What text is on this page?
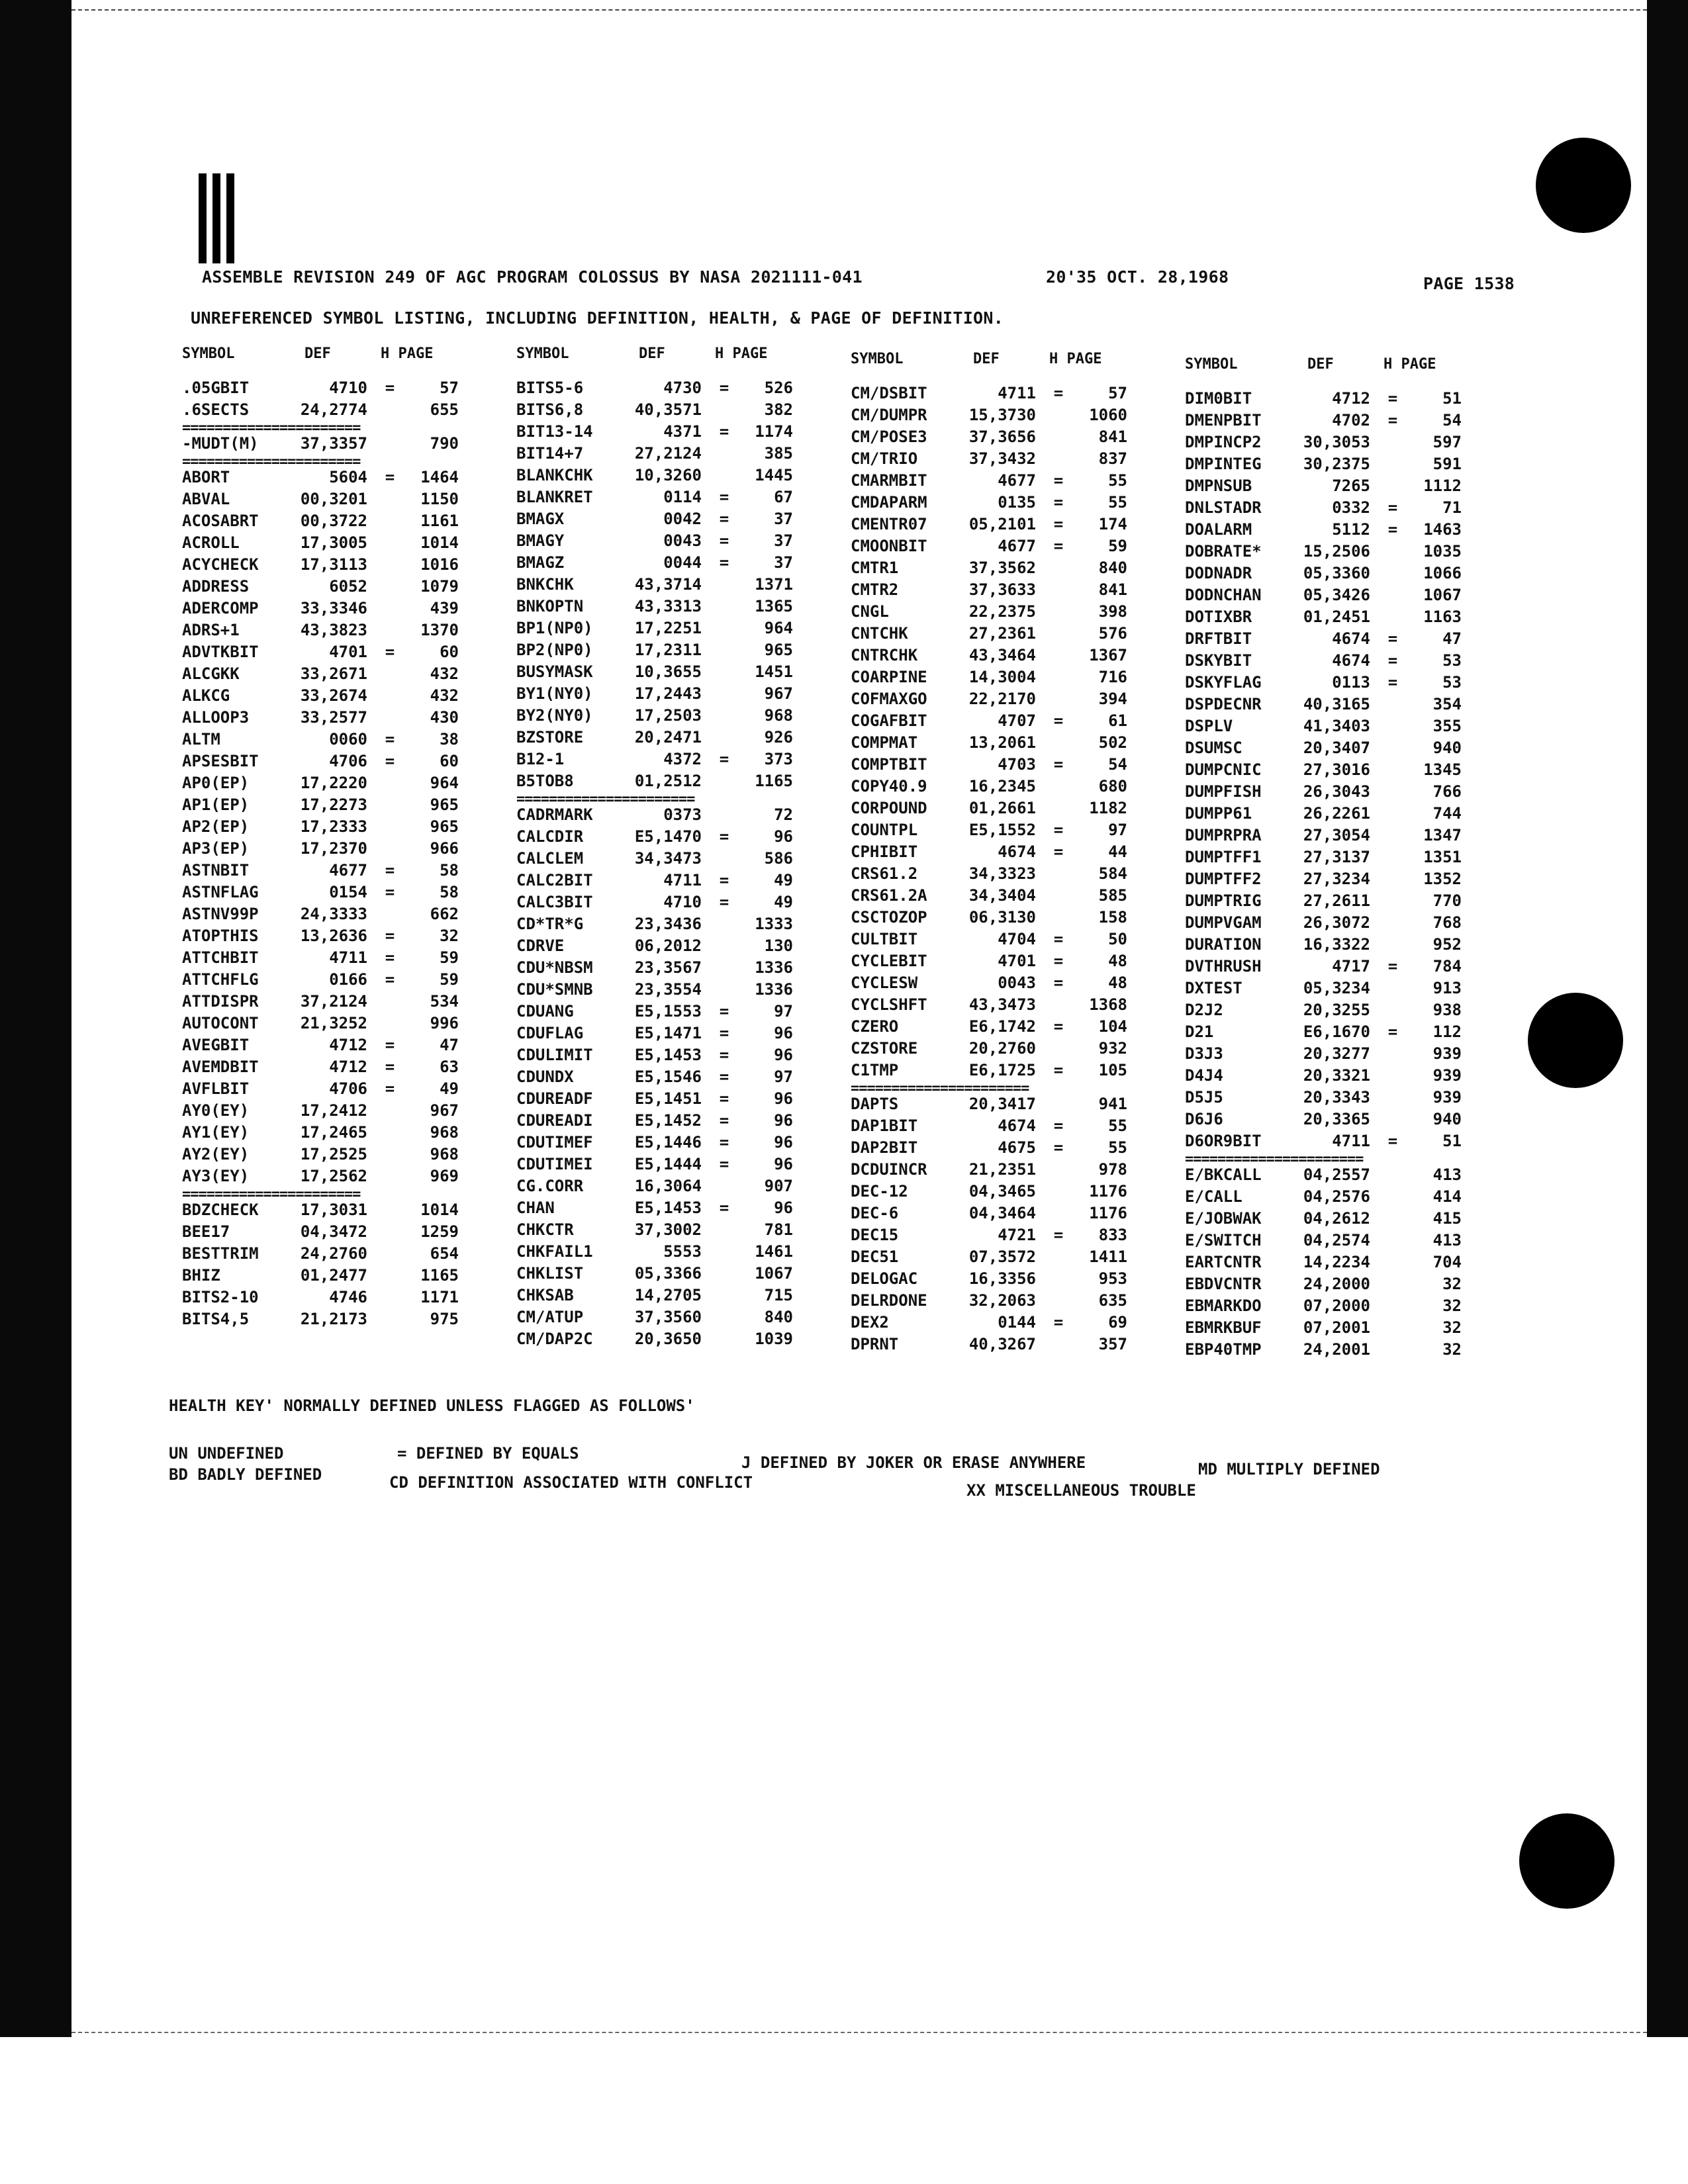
ASSEMBLE REVISION 249 OF AGC PROGRAM COLOSSUS BY NASA 2021111-041	20'35 OCT. 28,1968	PAGE 1538
UNREFERENCED SYMBOL LISTING, INCLUDING DEFINITION, HEALTH, & PAGE OF DEFINITION.
SYMBOL	DEF	H PAGE
.05GBIT	4710 =	57
.6SECTS	24,2774	655
======================
-MUDT(M)	37,3357	790
======================
ABORT	5604 =	1464
ABVAL	00,3201	1150
ACOSABRT	00,3722	1161
ACROLL	17,3005	1014
ACYCHECK	17,3113	1016
ADDRESS	6052	1079
ADERCOMP	33,3346	439
ADRS+1	43,3823	1370
ADVTKBIT	4701 =	60
ALCGKK	33,2671	432
ALKCG	33,2674	432
ALLOOP3	33,2577	430
ALTM	0060 =	38
APSESBIT	4706 =	60
AP0(EP)	17,2220	964
AP1(EP)	17,2273	965
AP2(EP)	17,2333	965
AP3(EP)	17,2370	966
ASTNBIT	4677 =	58
ASTNFLAG	0154 =	58
ASTNV99P	24,3333	662
ATOPTHIS	13,2636 =	32
ATTCHBIT	4711 =	59
ATTCHFLG	0166 =	59
ATTDISPR	37,2124	534
AUTOCONT	21,3252	996
AVEGBIT	4712 =	47
AVEMDBIT	4712 =	63
AVFLBIT	4706 =	49
AY0(EY)	17,2412	967
AY1(EY)	17,2465	968
AY2(EY)	17,2525	968
AY3(EY)	17,2562	969
======================
BDZCHECK	17,3031	1014
BEE17	04,3472	1259
BESTTRIM	24,2760	654
BHIZ	01,2477	1165
BITS2-10	4746	1171
BITS4,5	21,2173	975
SYMBOL	DEF	H PAGE
BITS5-6	4730 =	526
BITS6,8	40,3571	382
BIT13-14	4371 =	1174
BIT14+7	27,2124	385
BLANKCHK	10,3260	1445
BLANKRET	0114 =	67
BMAGX	0042 =	37
BMAGY	0043 =	37
BMAGZ	0044 =	37
BNKCHK	43,3714	1371
BNKOPTN	43,3313	1365
BP1(NP0)	17,2251	964
BP2(NP0)	17,2311	965
BUSYMASK	10,3655	1451
BY1(NY0)	17,2443	967
BY2(NY0)	17,2503	968
BZSTORE	20,2471	926
B12-1	4372 =	373
B5TOB8	01,2512	1165
======================
CADRMARK	0373	72
CALCDIR	E5,1470 =	96
CALCLEM	34,3473	586
CALC2BIT	4711 =	49
CALC3BIT	4710 =	49
CD*TR*G	23,3436	1333
CDRVE	06,2012	130
CDU*NBSM	23,3567	1336
CDU*SMNB	23,3554	1336
CDUANG	E5,1553 =	97
CDUFLAG	E5,1471 =	96
CDULIMIT	E5,1453 =	96
CDUNDX	E5,1546 =	97
CDUREADF	E5,1451 =	96
CDUREADI	E5,1452 =	96
CDUTIMEF	E5,1446 =	96
CDUTIMEI	E5,1444 =	96
CG.CORR	16,3064	907
CHAN	E5,1453 =	96
CHKCTR	37,3002	781
CHKFAIL1	5553	1461
CHKLIST	05,3366	1067
CHKSAB	14,2705	715
CM/ATUP	37,3560	840
CM/DAP2C	20,3650	1039
SYMBOL	DEF	H PAGE
CM/DSBIT	4711 =	57
CM/DUMPR	15,3730	1060
CM/POSE3	37,3656	841
CM/TRIO	37,3432	837
CMARMBIT	4677 =	55
CMDAPARM	0135 =	55
CMENTR07	05,2101 =	174
CMOONBIT	4677 =	59
CMTR1	37,3562	840
CMTR2	37,3633	841
CNGL	22,2375	398
CNTCHK	27,2361	576
CNTRCHK	43,3464	1367
COARPINE	14,3004	716
COFMAXGO	22,2170	394
COGAFBIT	4707 =	61
COMPMAT	13,2061	502
COMPTBIT	4703 =	54
COPY40.9	16,2345	680
CORPOUND	01,2661	1182
COUNTPL	E5,1552 =	97
CPHIBIT	4674 =	44
CRS61.2	34,3323	584
CRS61.2A	34,3404	585
CSCTOZOP	06,3130	158
CULTBIT	4704 =	50
CYCLEBIT	4701 =	48
CYCLESW	0043 =	48
CYCLSHFT	43,3473	1368
CZERO	E6,1742 =	104
CZSTORE	20,2760	932
C1TMP	E6,1725 =	105
======================
DAPTS	20,3417	941
DAP1BIT	4674 =	55
DAP2BIT	4675 =	55
DCDUINCR	21,2351	978
DEC-12	04,3465	1176
DEC-6	04,3464	1176
DEC15	4721 =	833
DEC51	07,3572	1411
DELOGAC	16,3356	953
DELRDONE	32,2063	635
DEX2	0144 =	69
DPRNT	40,3267	357
SYMBOL	DEF	H PAGE
DIM0BIT	4712 =	51
DMENPBIT	4702 =	54
DMPINCP2	30,3053	597
DMPINTEG	30,2375	591
DMPNSUB	7265	1112
DNLSTADR	0332 =	71
DOALARM	5112 =	1463
DOBRATE*	15,2506	1035
DODNADR	05,3360	1066
DODNCHAN	05,3426	1067
DOTIXBR	01,2451	1163
DRFTBIT	4674 =	47
DSKYBIT	4674 =	53
DSKYFLAG	0113 =	53
DSPDECNR	40,3165	354
DSPLV	41,3403	355
DSUMSC	20,3407	940
DUMPCNIC	27,3016	1345
DUMPFISH	26,3043	766
DUMPP61	26,2261	744
DUMPRPRA	27,3054	1347
DUMPTFF1	27,3137	1351
DUMPTFF2	27,3234	1352
DUMPTRIG	27,2611	770
DUMPVGAM	26,3072	768
DURATION	16,3322	952
DVTHRUSH	4717 =	784
DXTEST	05,3234	913
D2J2	20,3255	938
D21	E6,1670 =	112
D3J3	20,3277	939
D4J4	20,3321	939
D5J5	20,3343	939
D6J6	20,3365	940
D6OR9BIT	4711 =	51
======================
E/BKCALL	04,2557	413
E/CALL	04,2576	414
E/JOBWAK	04,2612	415
E/SWITCH	04,2574	413
EARTCNTR	14,2234	704
EBDVCNTR	24,2000	32
EBMARKDO	07,2000	32
EBMRKBUF	07,2001	32
EBP40TMP	24,2001	32
HEALTH KEY' NORMALLY DEFINED UNLESS FLAGGED AS FOLLOWS'
UN UNDEFINED	= DEFINED BY EQUALS	J DEFINED BY JOKER OR ERASE ANYWHERE	MD MULTIPLY DEFINED
BD BADLY DEFINED	CD DEFINITION ASSOCIATED WITH CONFLICT	XX MISCELLANEOUS TROUBLE
